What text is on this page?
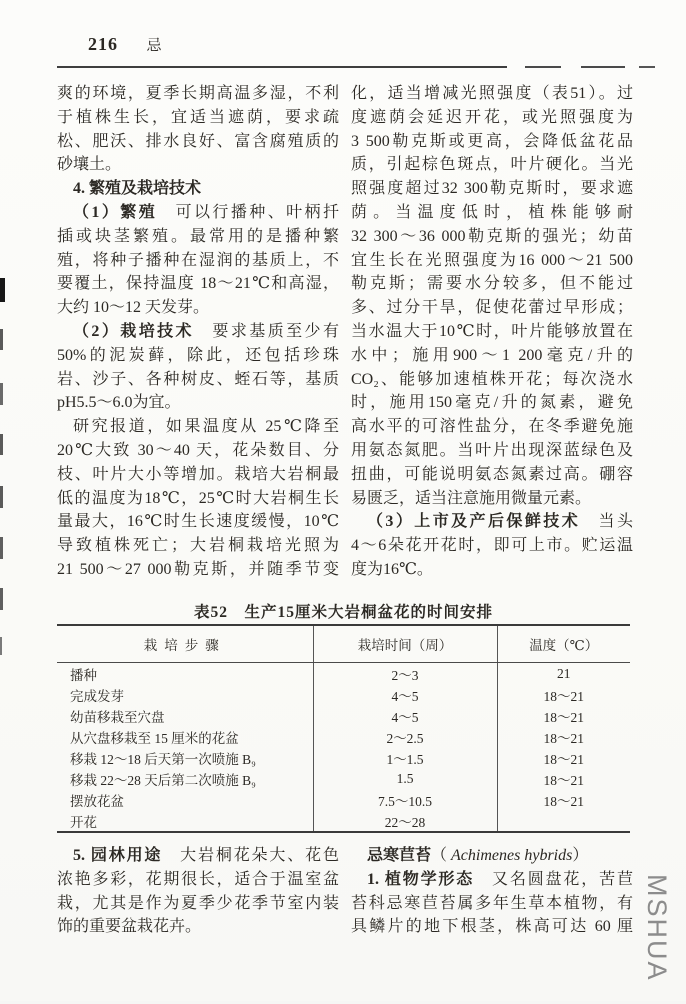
216 忌
爽的环境，夏季长期高温多湿，不利
于植株生长，宜适当遮荫，要求疏
松、肥沃、排水良好、富含腐殖质的
砂壤土。
4. 繁殖及栽培技术
（1）繁殖　可以行播种、叶柄扦
插或块茎繁殖。最常用的是播种繁
殖，将种子播种在湿润的基质上，不
要覆土，保持温度 18～21℃和高湿，
大约 10～12 天发芽。
（2）栽培技术　要求基质至少有
50%的泥炭藓，除此，还包括珍珠
岩、沙子、各种树皮、蛭石等，基质
pH5.5～6.0为宜。
研究报道，如果温度从 25℃降至
20℃大致 30～40 天，花朵数目、分
枝、叶片大小等增加。栽培大岩桐最
低的温度为18℃，25℃时大岩桐生长
量最大，16℃时生长速度缓慢，10℃
导致植株死亡；大岩桐栽培光照为
21 500～27 000勒克斯，并随季节变
化，适当增减光照强度（表51）。过
度遮荫会延迟开花，或光照强度为
3 500勒克斯或更高，会降低盆花品
质，引起棕色斑点，叶片硬化。当光
照强度超过32 300勒克斯时，要求遮
荫。当温度低时，植株能够耐
32 300～36 000勒克斯的强光；幼苗
宜生长在光照强度为16 000～21 500
勒克斯；需要水分较多，但不能过
多、过分干旱，促使花蕾过早形成；
当水温大于10℃时，叶片能够放置在
水中；施用900～1 200毫克/升的
CO₂、能够加速植株开花；每次浇水
时，施用150毫克/升的氮素，避免
高水平的可溶性盐分，在冬季避免施
用氨态氮肥。当叶片出现深蓝绿色及
扭曲，可能说明氨态氮素过高。硼容
易匮乏，适当注意施用微量元素。
（3）上市及产后保鲜技术　当头
4～6朵花开花时，即可上市。贮运温
度为16℃。
表52　生产15厘米大岩桐盆花的时间安排
栽培步骤	栽培时间（周）	温度（℃）
播种	2～3	21
完成发芽	4～5	18～21
幼苗移栽至穴盘	4～5	18～21
从穴盘移栽至 15 厘米的花盆	2～2.5	18～21
移栽 12～18 后天第一次喷施 B₉	1～1.5	18～21
移栽 22～28 天后第二次喷施 B₉	1.5	18～21
摆放花盆	7.5～10.5	18～21
开花	22～28	
5. 园林用途　大岩桐花朵大、花色
浓艳多彩，花期很长，适合于温室盆
栽，尤其是作为夏季少花季节室内装
饰的重要盆栽花卉。
忌寒苣苔（ Achimenes hybrids）
1. 植物学形态　又名圆盘花，苦苣
苔科忌寒苣苔属多年生草本植物，有
具鳞片的地下根茎，株高可达 60 厘 MSHUA
